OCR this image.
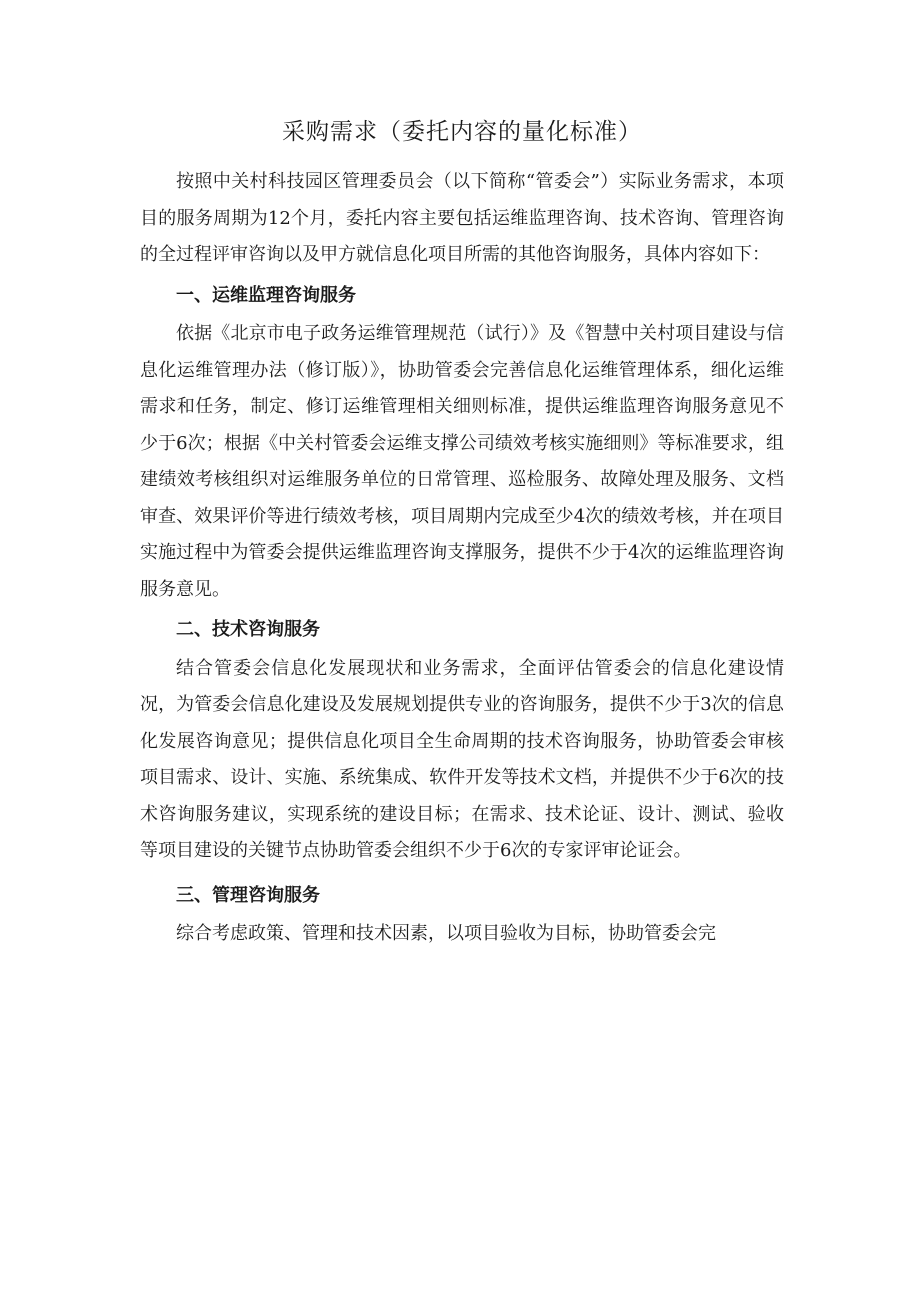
采购需求（委托内容的量化标准）

按照中关村科技园区管理委员会（以下简称“管委会”）实际业务需求，本项目的服务周期为12个月，委托内容主要包括运维监理咨询、技术咨询、管理咨询的全过程评审咨询以及甲方就信息化项目所需的其他咨询服务，具体内容如下：

一、运维监理咨询服务

依据《北京市电子政务运维管理规范（试行）》及《智慧中关村项目建设与信息化运维管理办法（修订版）》，协助管委会完善信息化运维管理体系，细化运维需求和任务，制定、修订运维管理相关细则标准，提供运维监理咨询服务意见不少于6次；根据《中关村管委会运维支撑公司绩效考核实施细则》等标准要求，组建绩效考核组织对运维服务单位的日常管理、巡检服务、故障处理及服务、文档审查、效果评价等进行绩效考核，项目周期内完成至少4次的绩效考核，并在项目实施过程中为管委会提供运维监理咨询支撑服务，提供不少于4次的运维监理咨询服务意见。

二、技术咨询服务

结合管委会信息化发展现状和业务需求，全面评估管委会的信息化建设情况，为管委会信息化建设及发展规划提供专业的咨询服务，提供不少于3次的信息化发展咨询意见；提供信息化项目全生命周期的技术咨询服务，协助管委会审核项目需求、设计、实施、系统集成、软件开发等技术文档，并提供不少于6次的技术咨询服务建议，实现系统的建设目标；在需求、技术论证、设计、测试、验收等项目建设的关键节点协助管委会组织不少于6次的专家评审论证会。

三、管理咨询服务

综合考虑政策、管理和技术因素，以项目验收为目标，协助管委会完
